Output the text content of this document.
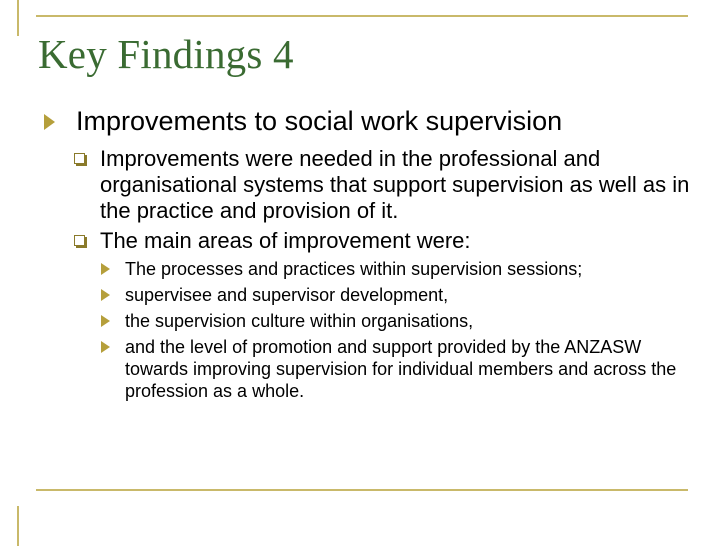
Key Findings 4
Improvements to social work supervision
Improvements were needed in the professional and organisational systems that support supervision as well as in the practice and provision of it.
The main areas of improvement were:
The processes and practices within supervision sessions;
supervisee and supervisor development,
the supervision culture within organisations,
and the level of promotion and support provided by the ANZASW towards improving supervision for individual members and across the profession as a whole.
